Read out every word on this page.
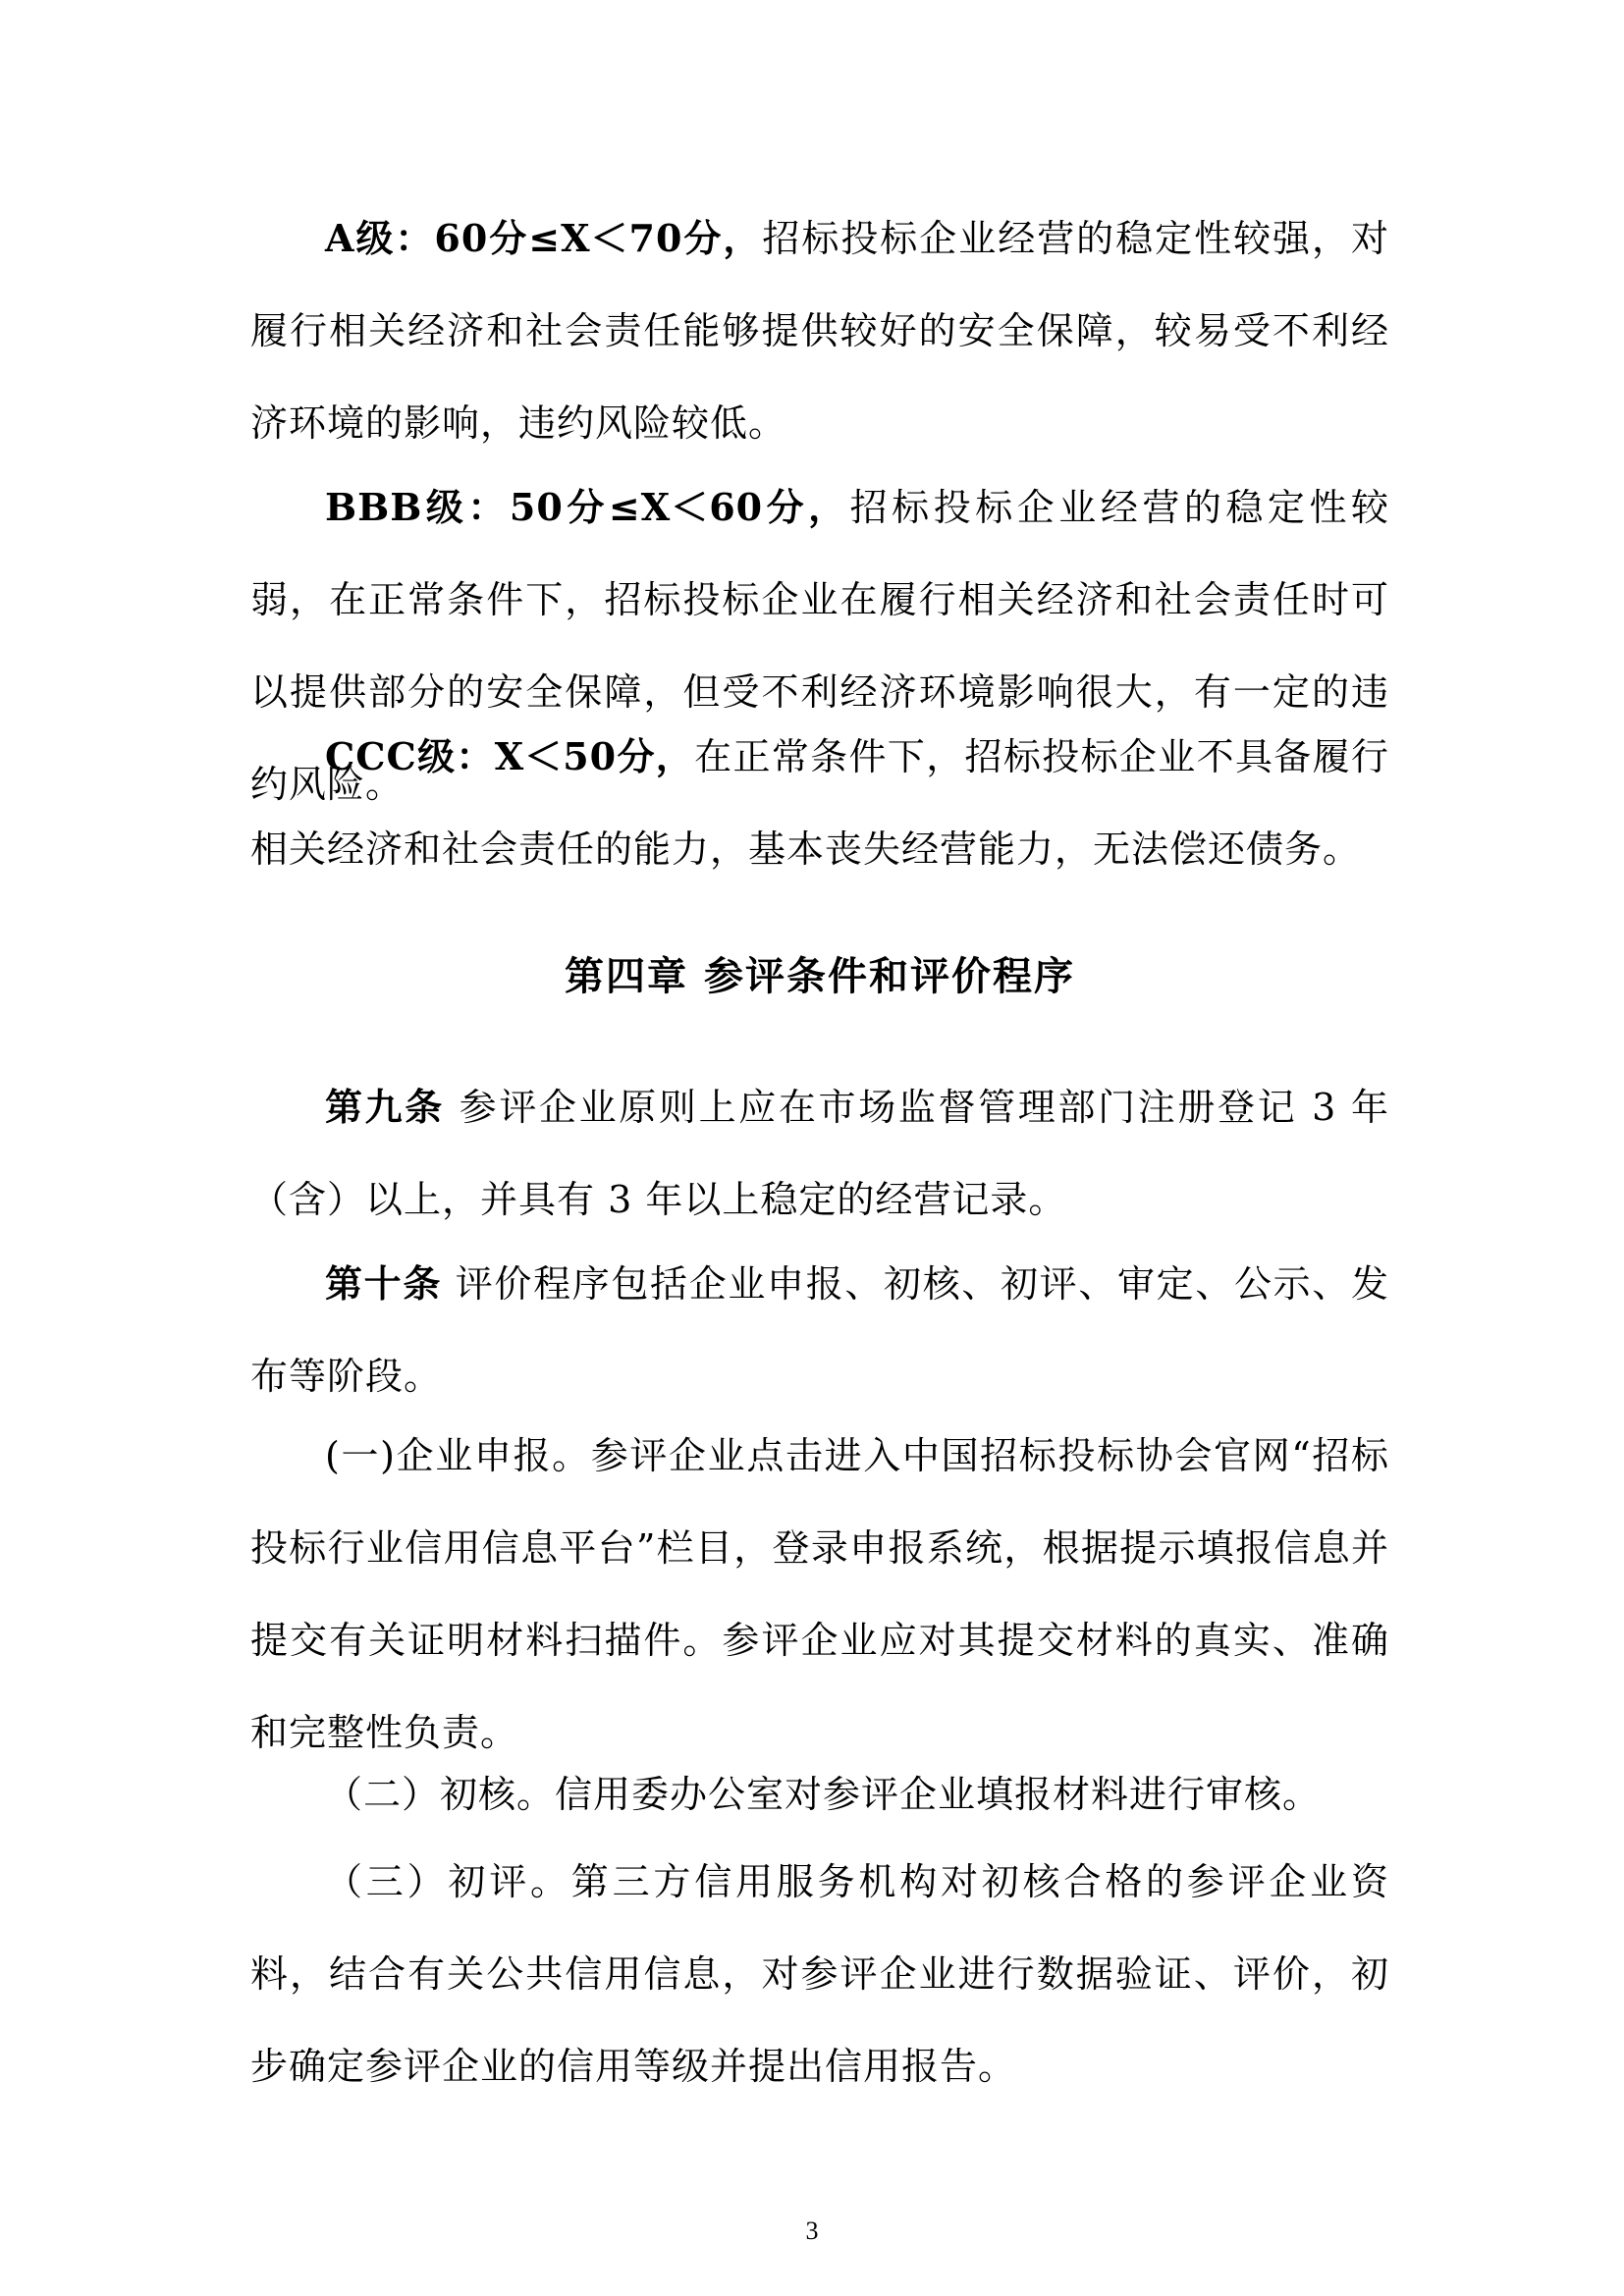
A级：60分≤X＜70分，招标投标企业经营的稳定性较强，对履行相关经济和社会责任能够提供较好的安全保障，较易受不利经济环境的影响，违约风险较低。

BBB级：50分≤X＜60分，招标投标企业经营的稳定性较弱，在正常条件下，招标投标企业在履行相关经济和社会责任时可以提供部分的安全保障，但受不利经济环境影响很大，有一定的违约风险。

CCC级：X＜50分，在正常条件下，招标投标企业不具备履行相关经济和社会责任的能力，基本丧失经营能力，无法偿还债务。

第四章 参评条件和评价程序

第九条 参评企业原则上应在市场监督管理部门注册登记 3 年（含）以上，并具有 3 年以上稳定的经营记录。

第十条 评价程序包括企业申报、初核、初评、审定、公示、发布等阶段。

(一)企业申报。参评企业点击进入中国招标投标协会官网“招标投标行业信用信息平台”栏目，登录申报系统，根据提示填报信息并提交有关证明材料扫描件。参评企业应对其提交材料的真实、准确和完整性负责。

（二）初核。信用委办公室对参评企业填报材料进行审核。

（三）初评。第三方信用服务机构对初核合格的参评企业资料，结合有关公共信用信息，对参评企业进行数据验证、评价，初步确定参评企业的信用等级并提出信用报告。

3
